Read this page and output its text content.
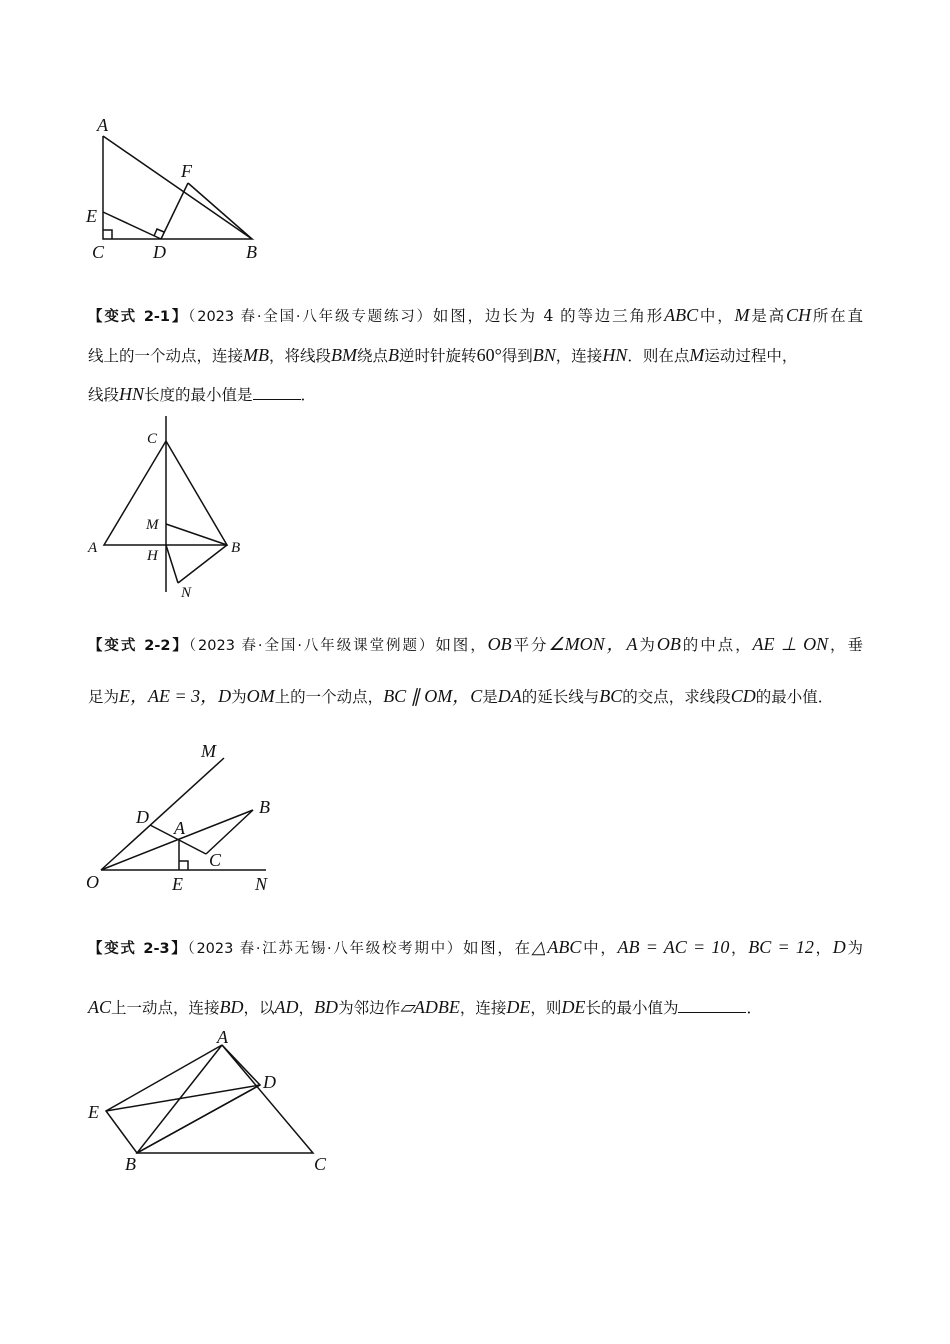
A
F
E
C	D	B
【变式 2-1】（2023 春·全国·八年级专题练习）如图，边长为 4 的等边三角形ABC中，M是高CH所在直
线上的一个动点，连接MB，将线段BM绕点B逆时针旋转60°得到BN，连接HN．则在点M运动过程中，
线段HN长度的最小值是	．
C
M
A	H	B
N
【变式 2-2】（2023 春·全国·八年级课堂例题）如图，OB平分∠MON，A为OB的中点，AE ⊥ ON，垂
足为E，AE = 3，D为OM上的一个动点，BC ∥ OM，C是DA的延长线与BC的交点，求线段CD的最小值．
M
D
A
B
C
O	E	N
【变式 2-3】（2023 春·江苏无锡·八年级校考期中）如图，在△ABC中，AB = AC = 10，BC = 12，D为
AC上一动点，连接BD，以AD，BD为邻边作▱ADBE，连接DE，则DE长的最小值为	．
A
D
E
B	C
